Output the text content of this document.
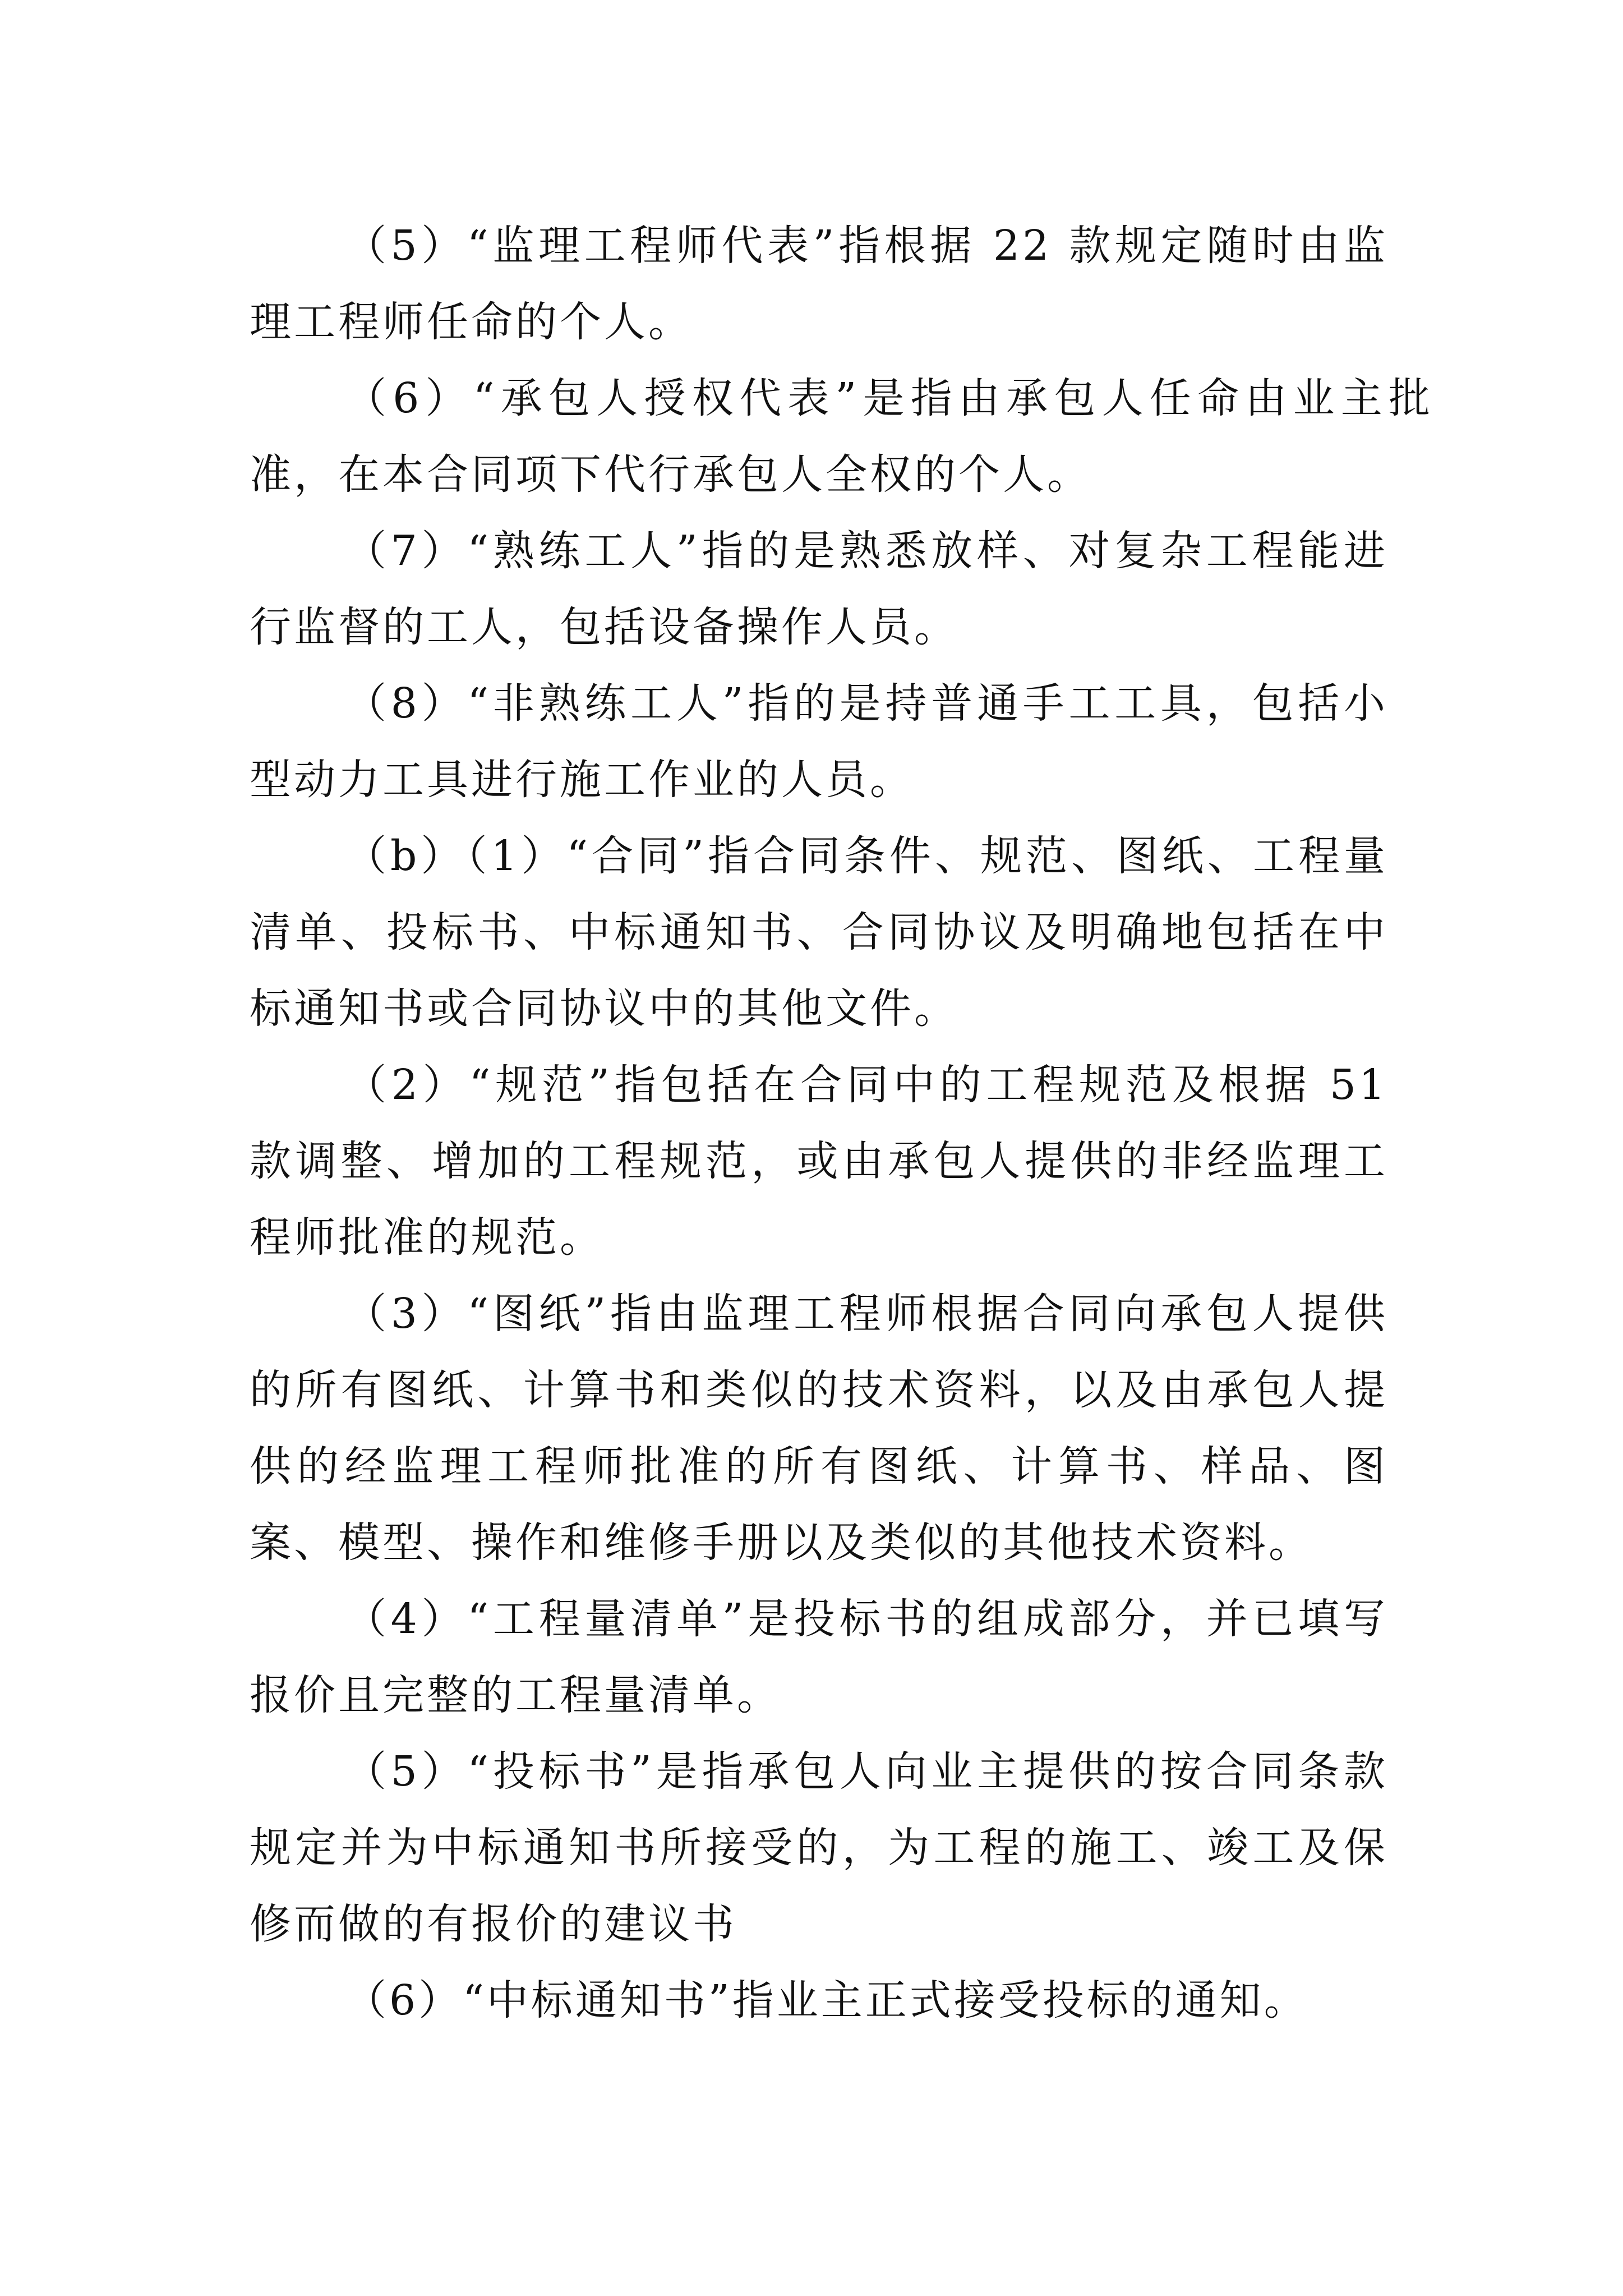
（5）“监理工程师代表”指根据 22 款规定随时由监理工程师任命的个人。

（6）“承包人授权代表”是指由承包人任命由业主批准，在本合同项下代行承包人全权的个人。

（7）“熟练工人”指的是熟悉放样、对复杂工程能进行监督的工人，包括设备操作人员。

（8）“非熟练工人”指的是持普通手工工具，包括小型动力工具进行施工作业的人员。

（b）（1）“合同”指合同条件、规范、图纸、工程量清单、投标书、中标通知书、合同协议及明确地包括在中标通知书或合同协议中的其他文件。

（2）“规范”指包括在合同中的工程规范及根据 51 款调整、增加的工程规范，或由承包人提供的非经监理工程师批准的规范。

（3）“图纸”指由监理工程师根据合同向承包人提供的所有图纸、计算书和类似的技术资料，以及由承包人提供的经监理工程师批准的所有图纸、计算书、样品、图案、模型、操作和维修手册以及类似的其他技术资料。

（4）“工程量清单”是投标书的组成部分，并已填写报价且完整的工程量清单。

（5）“投标书”是指承包人向业主提供的按合同条款规定并为中标通知书所接受的，为工程的施工、竣工及保修而做的有报价的建议书

（6）“中标通知书”指业主正式接受投标的通知。
